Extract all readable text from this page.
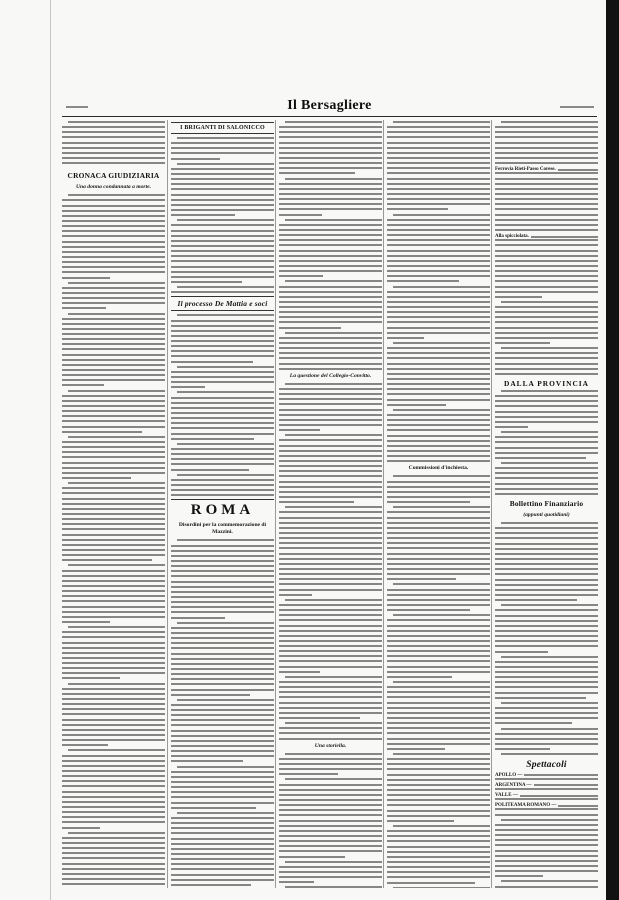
Il Bersagliere
CRONACA GIUDIZIARIA
Una donna condannata a morte.
I BRIGANTI DI SALONICCO
Il processo De Mattia e soci
ROMA
Disordini per la commemorazione di Mazzini.
La questione del Collegio-Convitto.
Una storiella.
Commissioni d'inchiesta.
Ferrovia Rieti-Passo Corese.
Alla spicciolata.
DALLA PROVINCIA
Bollettino Finanziario
(appunti quotidiani)
Spettacoli
APOLLO —
ARGENTINA —
VALLE —
POLITEAMA ROMANO —
